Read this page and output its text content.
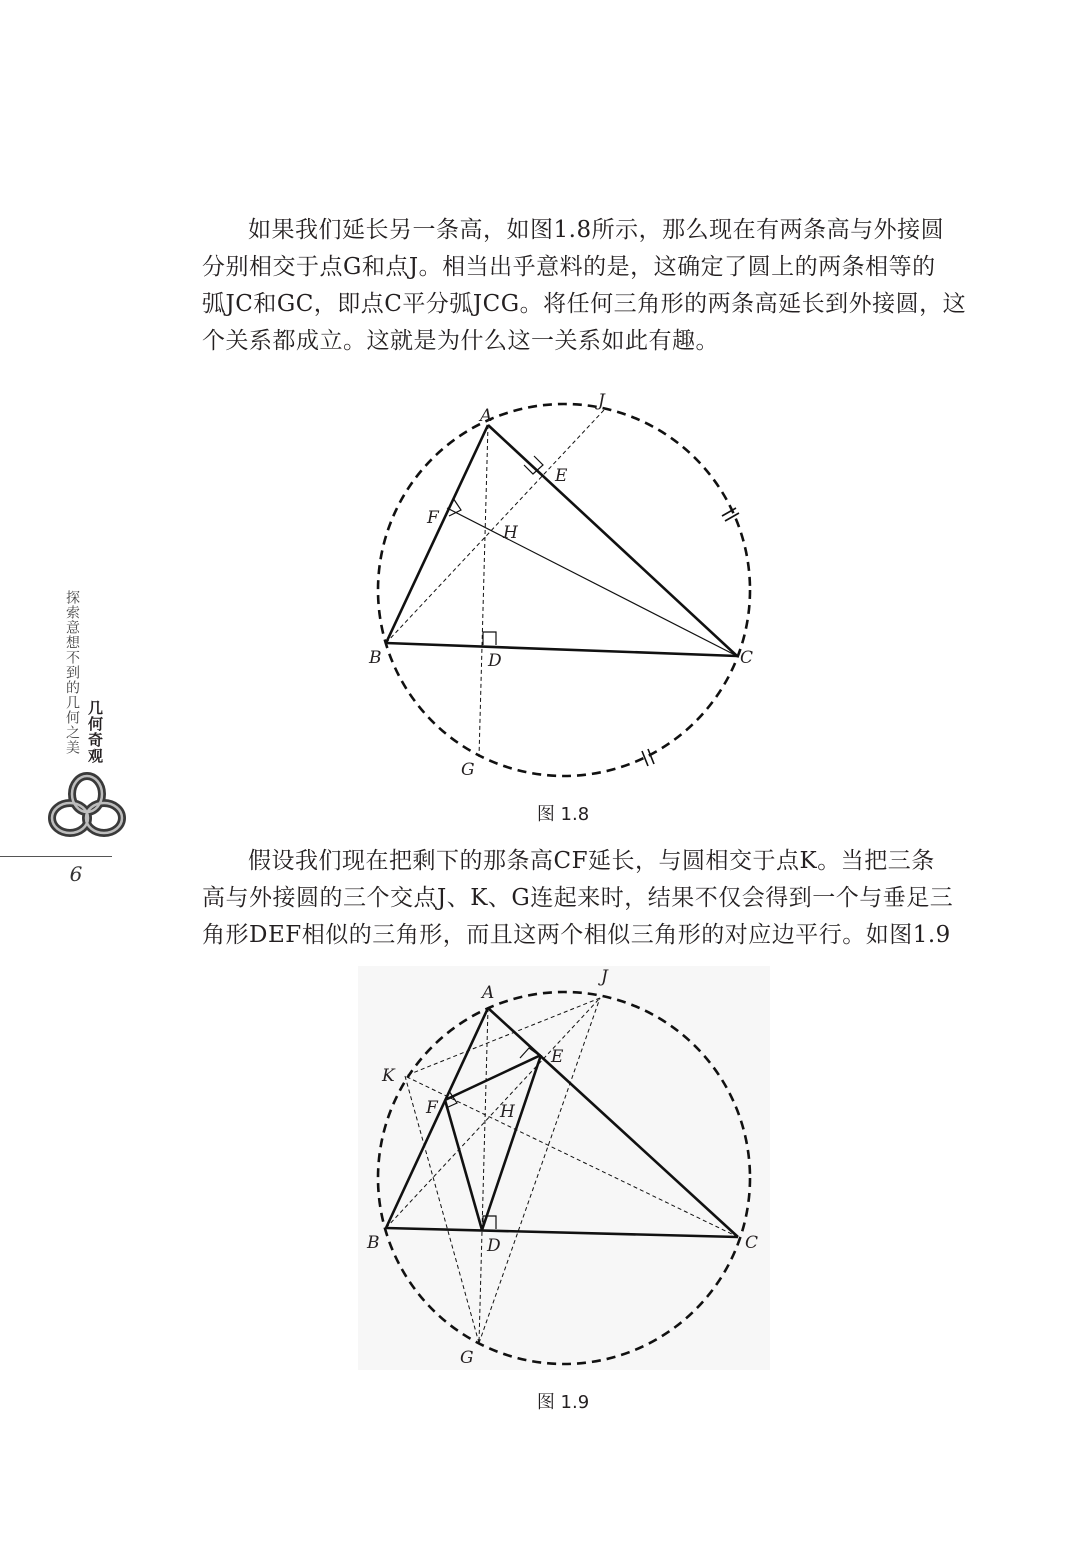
如果我们延长另一条高，如图1.8所示，那么现在有两条高与外接圆
分别相交于点G和点J。相当出乎意料的是，这确定了圆上的两条相等的
弧JC和GC，即点C平分弧JCG。将任何三角形的两条高延长到外接圆，这
个关系都成立。这就是为什么这一关系如此有趣。
A
J
E
F
H
B	D	C
G
图 1.8
探索意想不到的几何之美 几何奇观
6	假设我们现在把剩下的那条高CF延长，与圆相交于点K。当把三条
高与外接圆的三个交点J、K、G连起来时，结果不仅会得到一个与垂足三
角形DEF相似的三角形，而且这两个相似三角形的对应边平行。如图1.9
A
J
E
K
F	H
B	D	C
G
图 1.9
